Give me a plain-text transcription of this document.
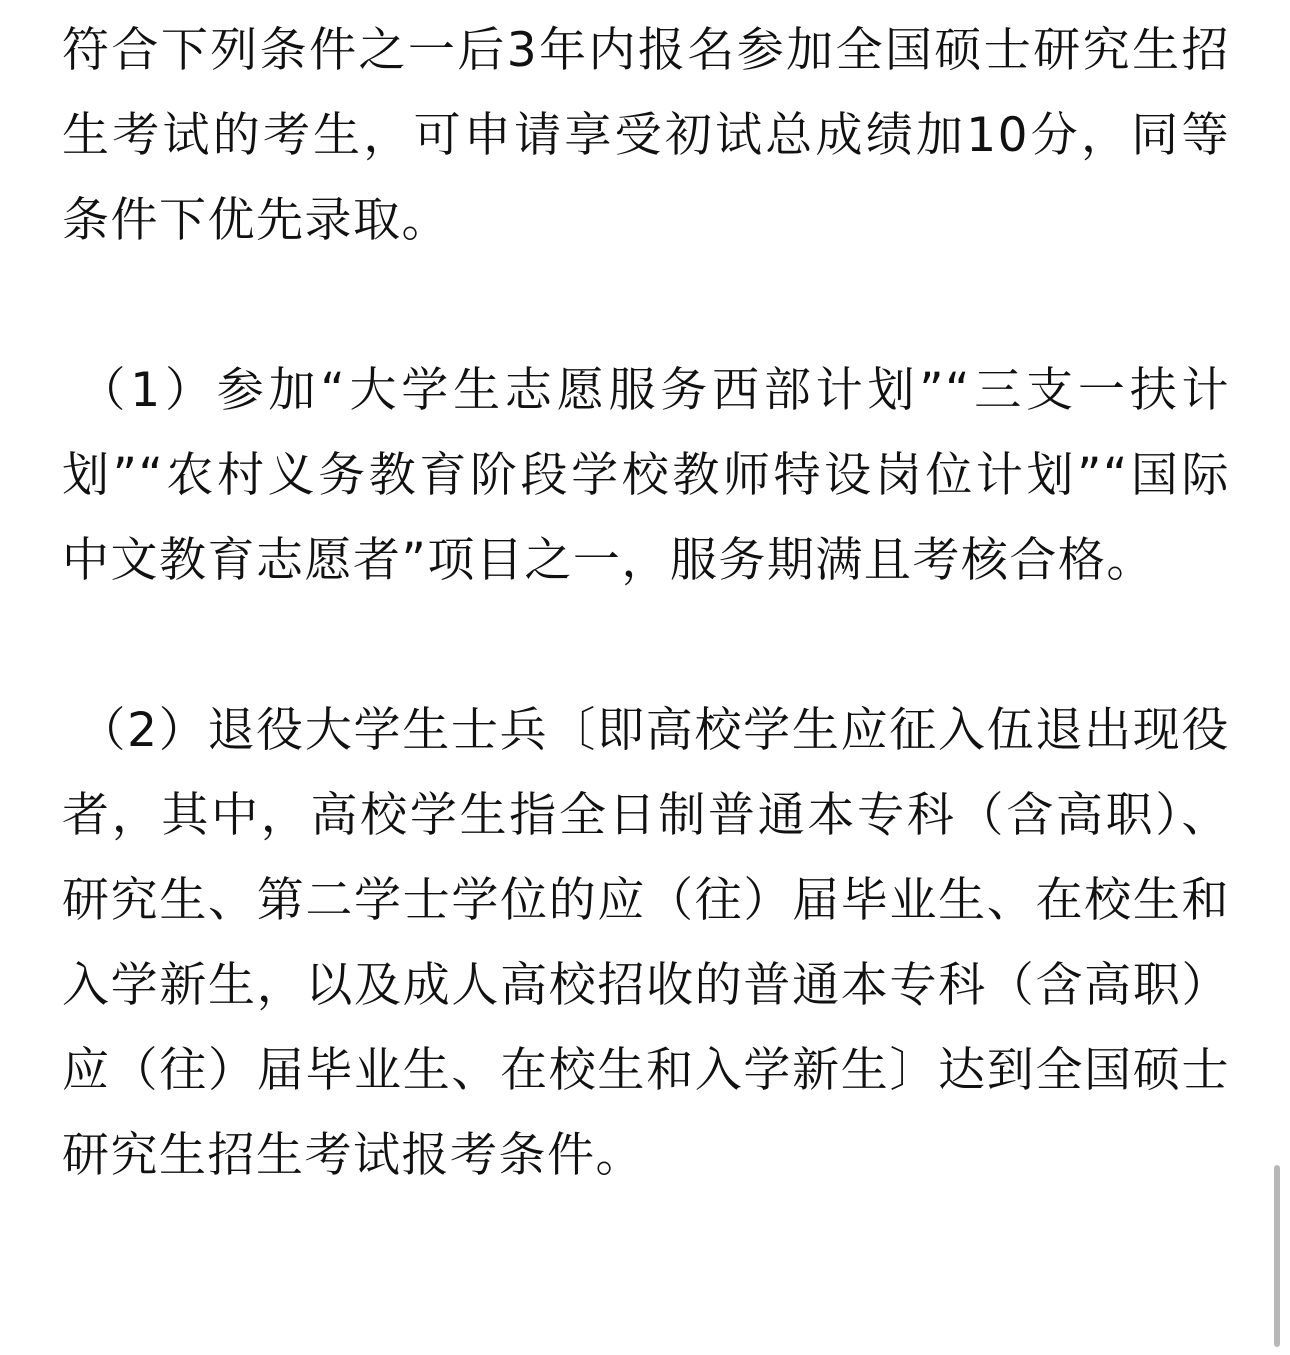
符合下列条件之一后3年内报名参加全国硕士研究生招生考试的考生，可申请享受初试总成绩加10分，同等条件下优先录取。

（1）参加“大学生志愿服务西部计划”“三支一扶计划”“农村义务教育阶段学校教师特设岗位计划”“国际中文教育志愿者”项目之一，服务期满且考核合格。

（2）退役大学生士兵〔即高校学生应征入伍退出现役者，其中，高校学生指全日制普通本专科（含高职）、研究生、第二学士学位的应（往）届毕业生、在校生和入学新生，以及成人高校招收的普通本专科（含高职）应（往）届毕业生、在校生和入学新生〕达到全国硕士研究生招生考试报考条件。
